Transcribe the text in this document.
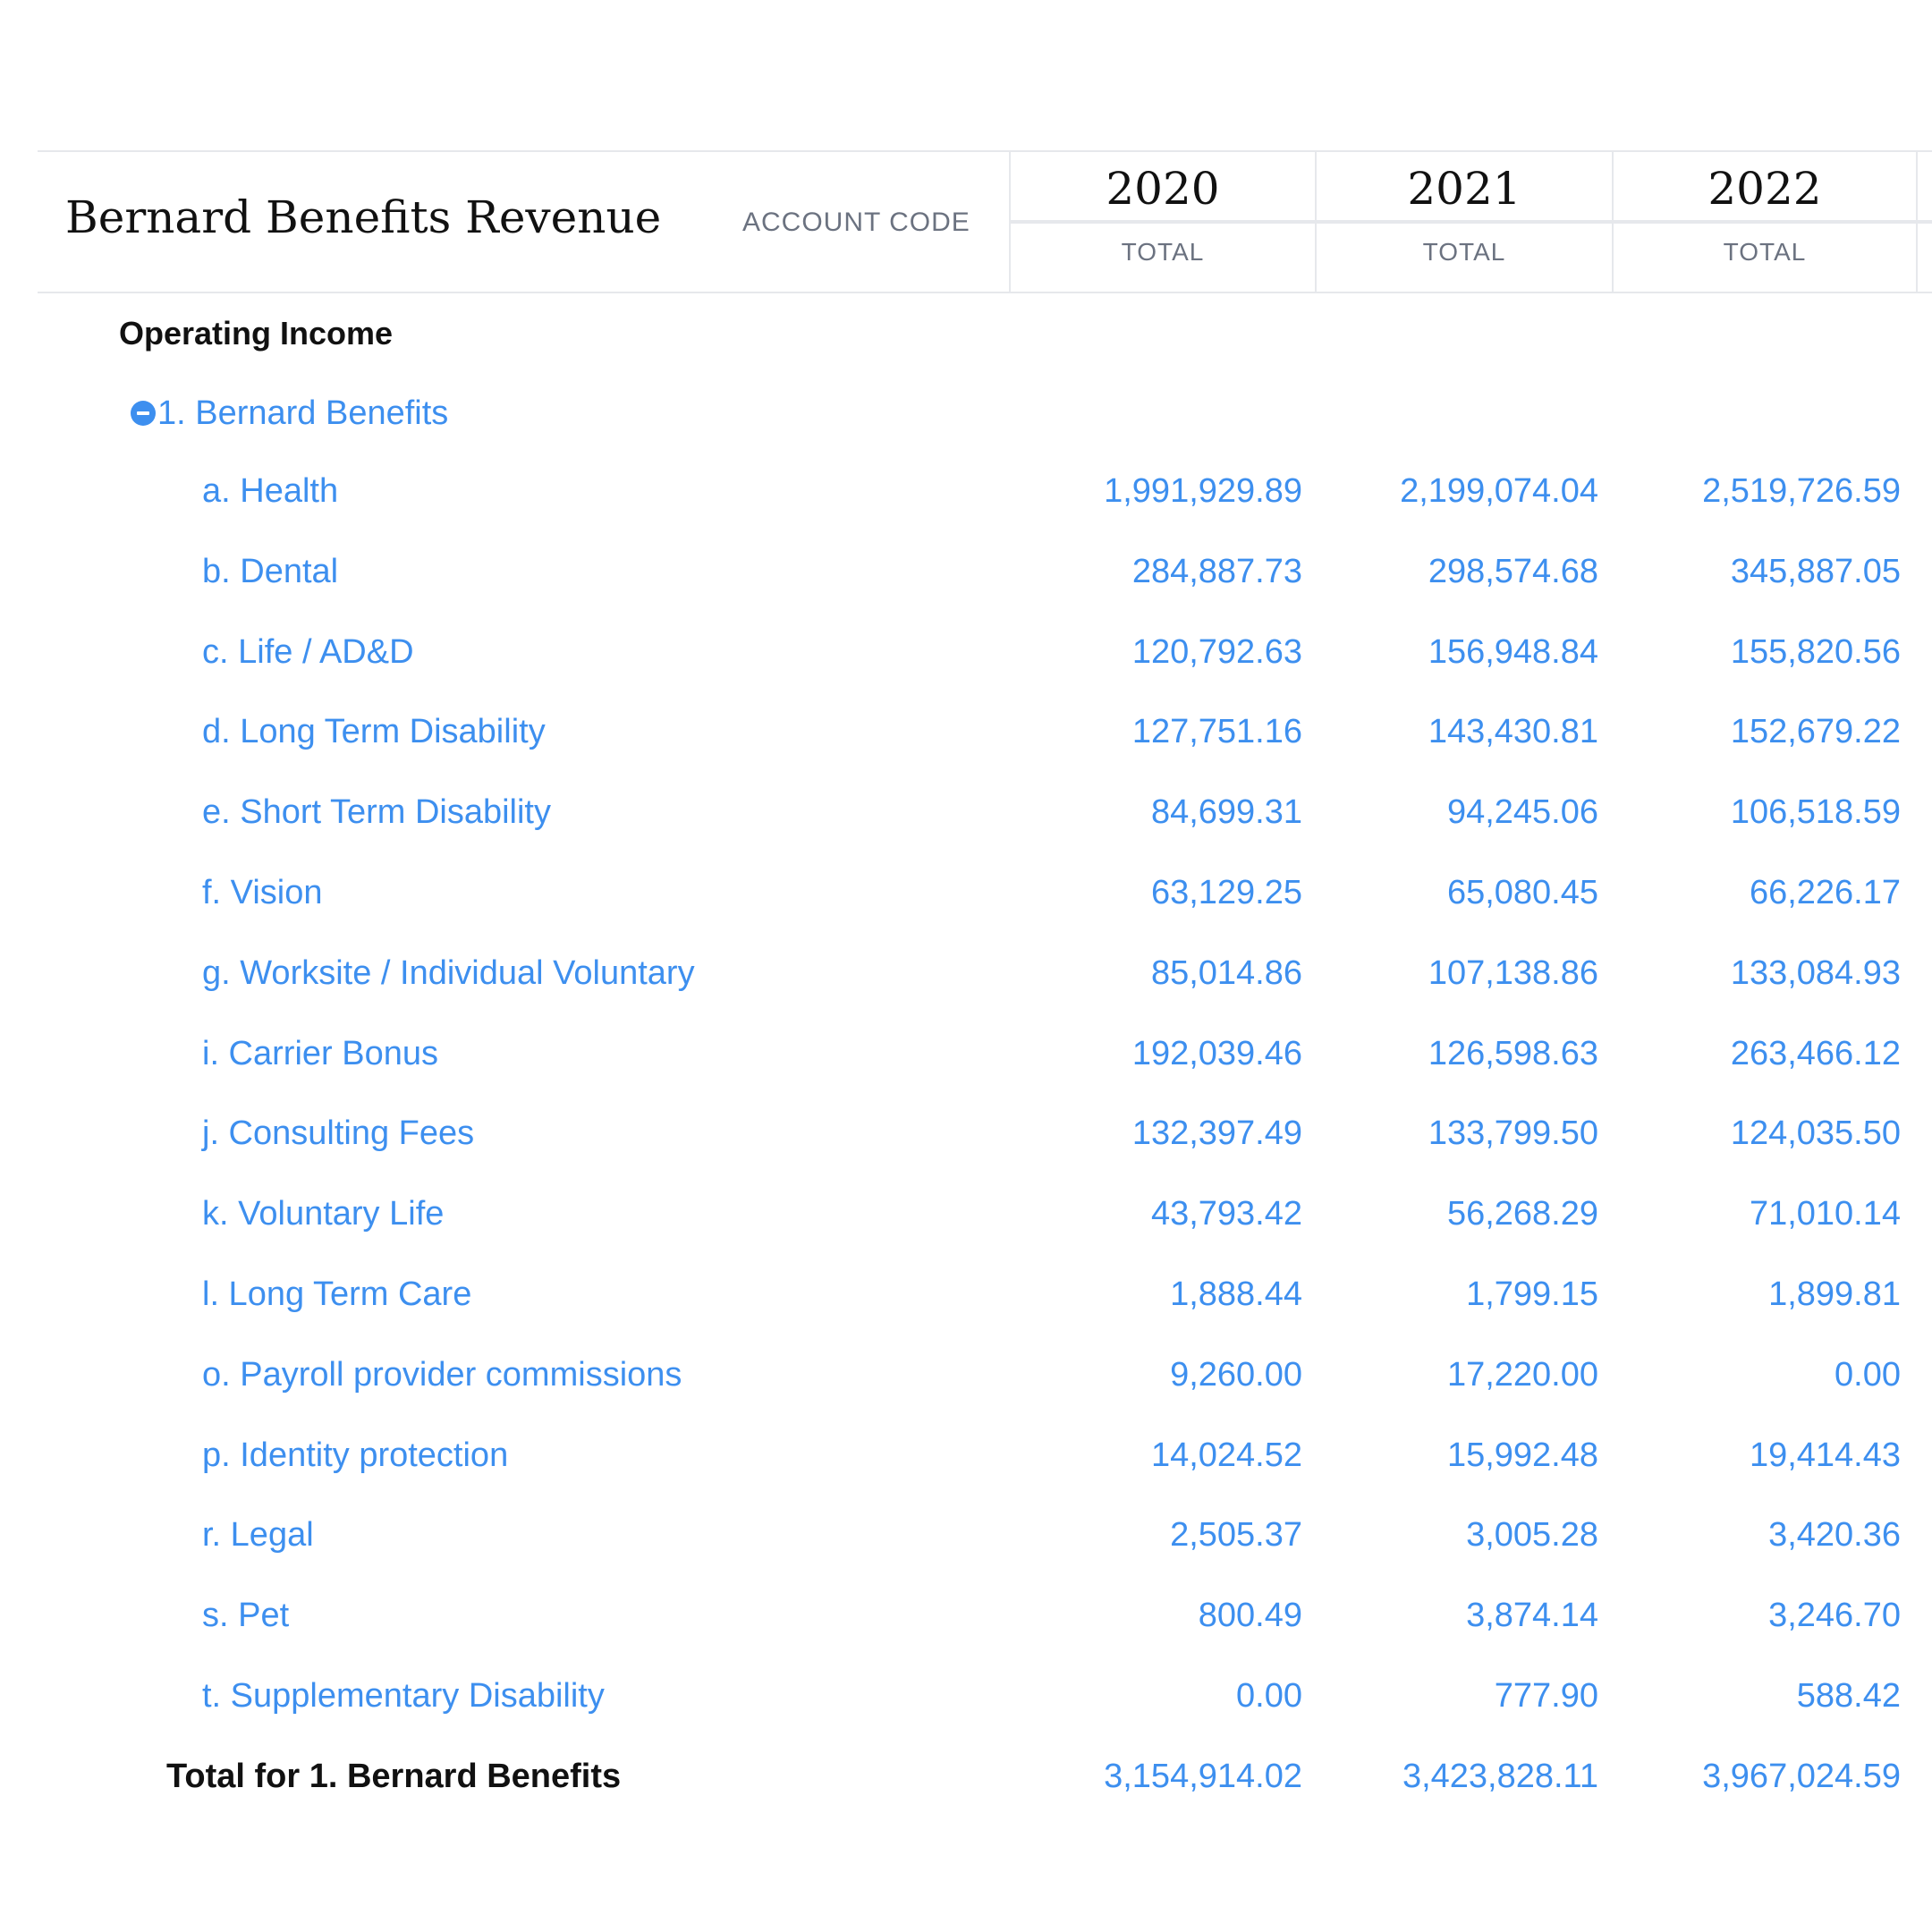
Bernard Benefits Revenue	ACCOUNT CODE
2020
TOTAL
2021
TOTAL
2022
TOTAL
Operating Income
1. Bernard Benefits
a. Health	1,991,929.89	2,199,074.04	2,519,726.59
b. Dental	284,887.73	298,574.68	345,887.05
c. Life / AD&D	120,792.63	156,948.84	155,820.56
d. Long Term Disability	127,751.16	143,430.81	152,679.22
e. Short Term Disability	84,699.31	94,245.06	106,518.59
f. Vision	63,129.25	65,080.45	66,226.17
g. Worksite / Individual Voluntary	85,014.86	107,138.86	133,084.93
i. Carrier Bonus	192,039.46	126,598.63	263,466.12
j. Consulting Fees	132,397.49	133,799.50	124,035.50
k. Voluntary Life	43,793.42	56,268.29	71,010.14
l. Long Term Care	1,888.44	1,799.15	1,899.81
o. Payroll provider commissions	9,260.00	17,220.00	0.00
p. Identity protection	14,024.52	15,992.48	19,414.43
r. Legal	2,505.37	3,005.28	3,420.36
s. Pet	800.49	3,874.14	3,246.70
t. Supplementary Disability	0.00	777.90	588.42
Total for 1. Bernard Benefits	3,154,914.02	3,423,828.11	3,967,024.59
